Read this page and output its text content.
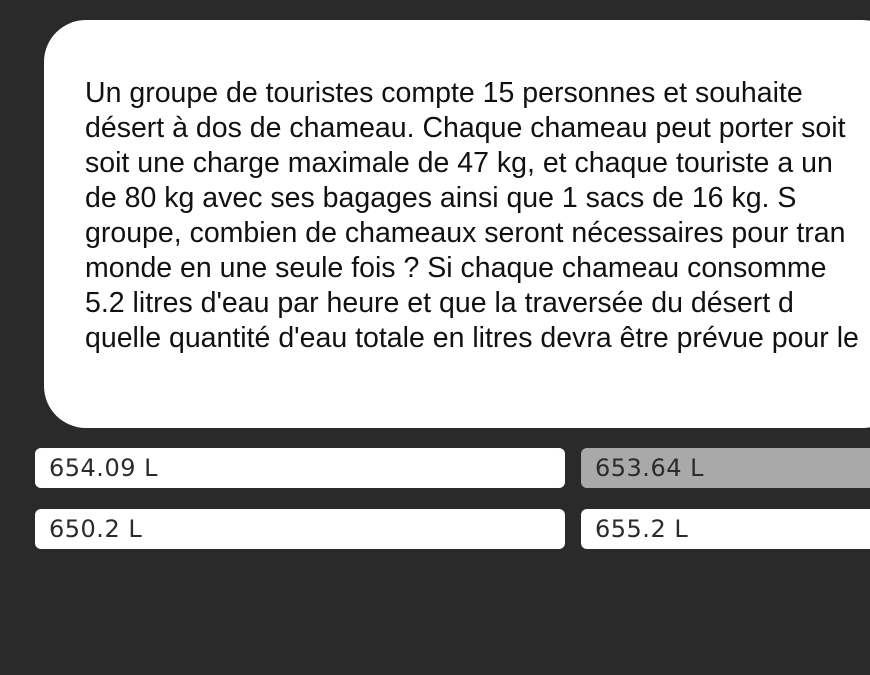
Un groupe de touristes compte 15 personnes et souhaite
désert à dos de chameau. Chaque chameau peut porter soit
soit une charge maximale de 47 kg, et chaque touriste a un
de 80 kg avec ses bagages ainsi que 1 sacs de 16 kg. S
groupe, combien de chameaux seront nécessaires pour tran
monde en une seule fois ? Si chaque chameau consomme
5.2 litres d'eau par heure et que la traversée du désert d
quelle quantité d'eau totale en litres devra être prévue pour le

654.09 L	653.64 L
650.2 L	655.2 L
